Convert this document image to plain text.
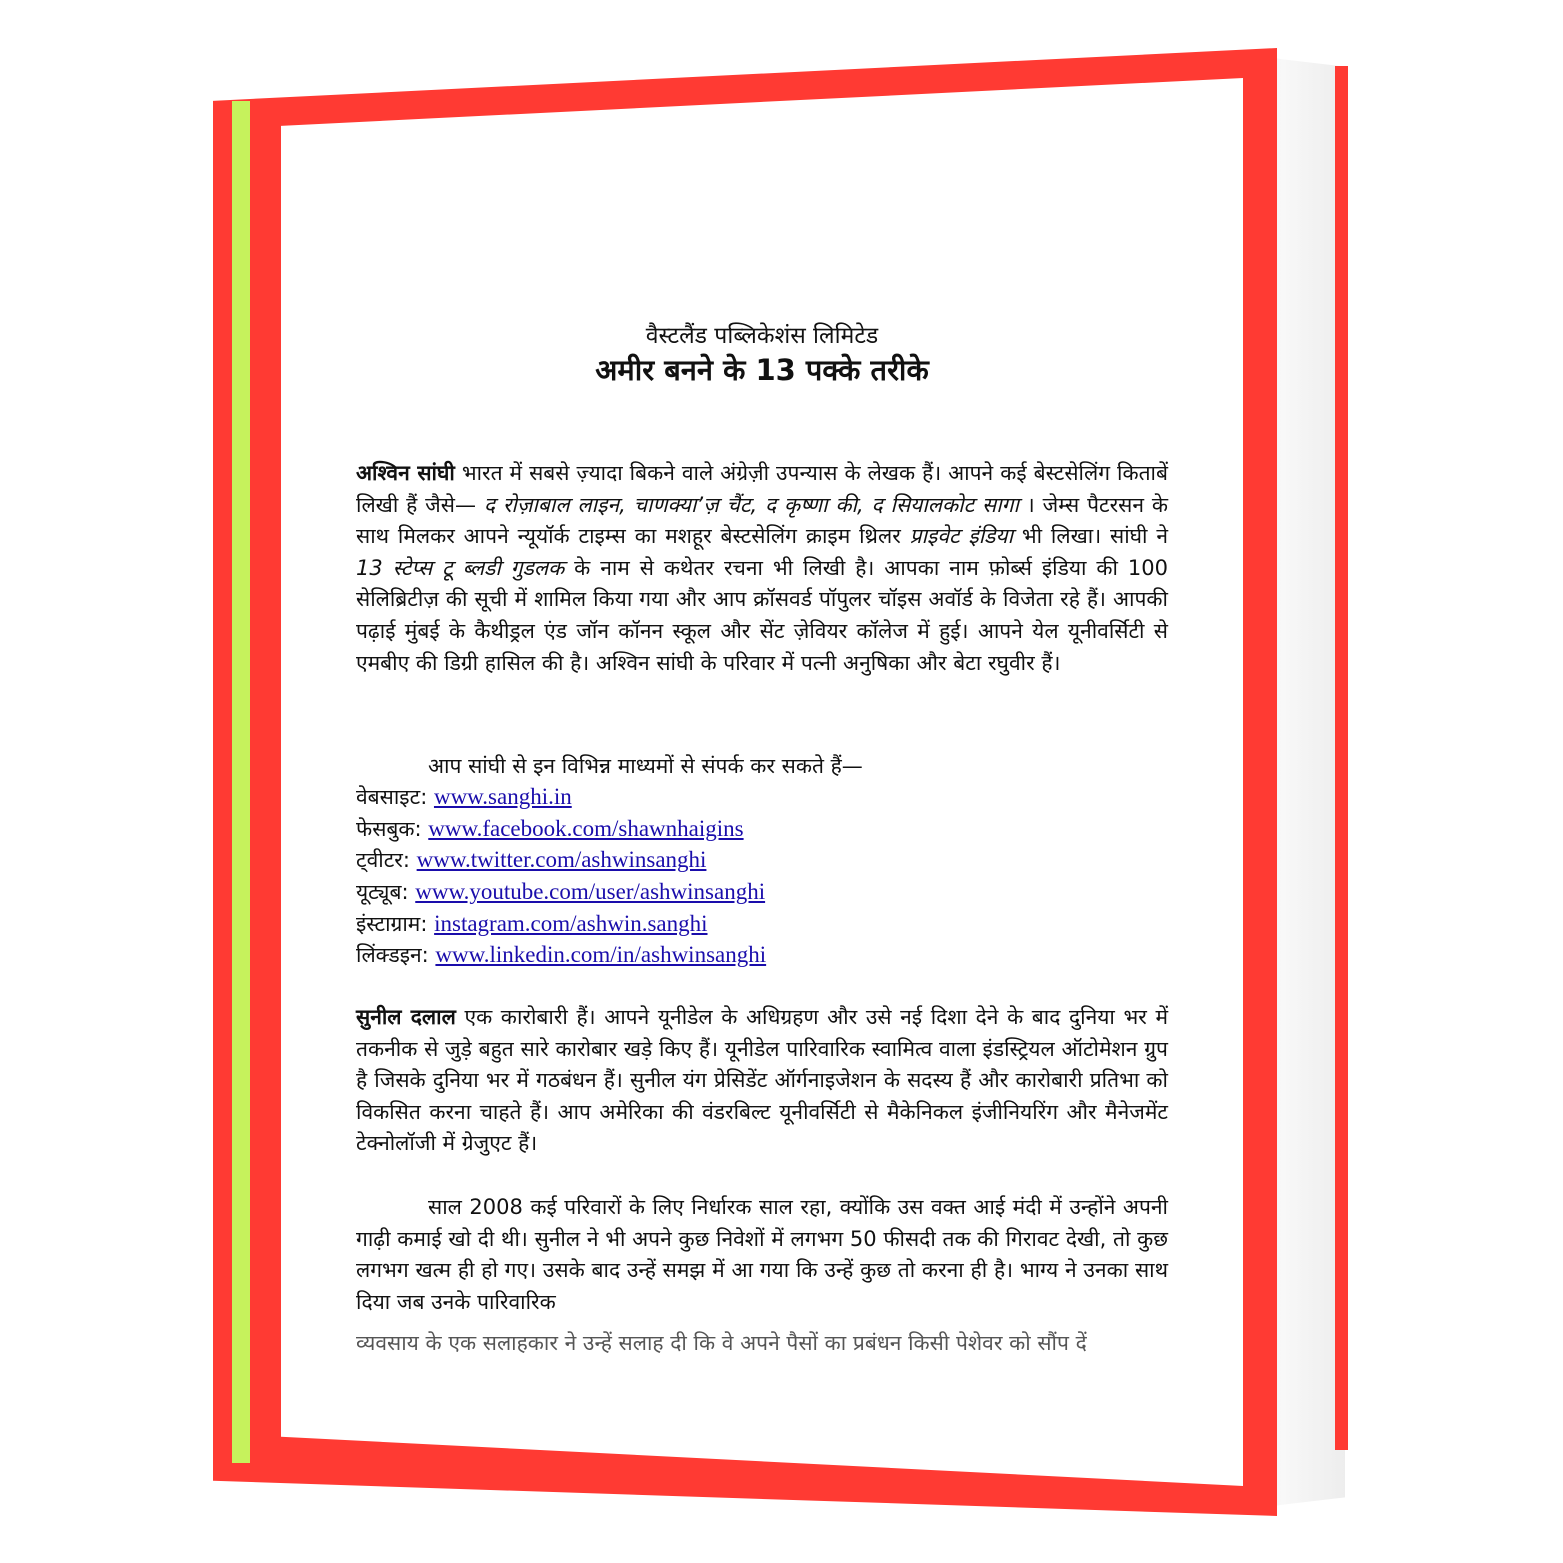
वैस्टलैंड पब्लिकेशंस लिमिटेड
अमीर बनने के 13 पक्के तरीके

अश्विन सांघी भारत में सबसे ज़्यादा बिकने वाले अंग्रेज़ी उपन्यास के लेखक हैं। आपने कई बेस्टसेलिंग किताबें लिखी हैं जैसे— द रोज़ाबाल लाइन, चाणक्या’ज़ चैंट, द कृष्णा की, द सियालकोट सागा । जेम्स पैटरसन के साथ मिलकर आपने न्यूयॉर्क टाइम्स का मशहूर बेस्टसेलिंग क्राइम थ्रिलर प्राइवेट इंडिया भी लिखा। सांघी ने 13 स्टेप्स टू ब्लडी गुडलक के नाम से कथेतर रचना भी लिखी है। आपका नाम फ़ोर्ब्स इंडिया की 100 सेलिब्रिटीज़ की सूची में शामिल किया गया और आप क्रॉसवर्ड पॉपुलर चॉइस अवॉर्ड के विजेता रहे हैं। आपकी पढ़ाई मुंबई के कैथीड्रल एंड जॉन कॉनन स्कूल और सेंट ज़ेवियर कॉलेज में हुई। आपने येल यूनीवर्सिटी से एमबीए की डिग्री हासिल की है। अश्विन सांघी के परिवार में पत्नी अनुषिका और बेटा रघुवीर हैं।

आप सांघी से इन विभिन्न माध्यमों से संपर्क कर सकते हैं—
वेबसाइट: www.sanghi.in
फेसबुक: www.facebook.com/shawnhaigins
ट्वीटर: www.twitter.com/ashwinsanghi
यूट्यूब: www.youtube.com/user/ashwinsanghi
इंस्टाग्राम: instagram.com/ashwin.sanghi
लिंक्डइन: www.linkedin.com/in/ashwinsanghi

सुनील दलाल एक कारोबारी हैं। आपने यूनीडेल के अधिग्रहण और उसे नई दिशा देने के बाद दुनिया भर में तकनीक से जुड़े बहुत सारे कारोबार खड़े किए हैं। यूनीडेल पारिवारिक स्वामित्व वाला इंडस्ट्रियल ऑटोमेशन ग्रुप है जिसके दुनिया भर में गठबंधन हैं। सुनील यंग प्रेसिडेंट ऑर्गनाइजेशन के सदस्य हैं और कारोबारी प्रतिभा को विकसित करना चाहते हैं। आप अमेरिका की वंडरबिल्ट यूनीवर्सिटी से मैकेनिकल इंजीनियरिंग और मैनेजमेंट टेक्नोलॉजी में ग्रेजुएट हैं।

साल 2008 कई परिवारों के लिए निर्धारक साल रहा, क्योंकि उस वक्त आई मंदी में उन्होंने अपनी गाढ़ी कमाई खो दी थी। सुनील ने भी अपने कुछ निवेशों में लगभग 50 फीसदी तक की गिरावट देखी, तो कुछ लगभग खत्म ही हो गए। उसके बाद उन्हें समझ में आ गया कि उन्हें कुछ तो करना ही है। भाग्य ने उनका साथ दिया जब उनके पारिवारिक

व्यवसाय के एक सलाहकार ने उन्हें सलाह दी कि वे अपने पैसों का प्रबंधन किसी पेशेवर को सौंप दें
